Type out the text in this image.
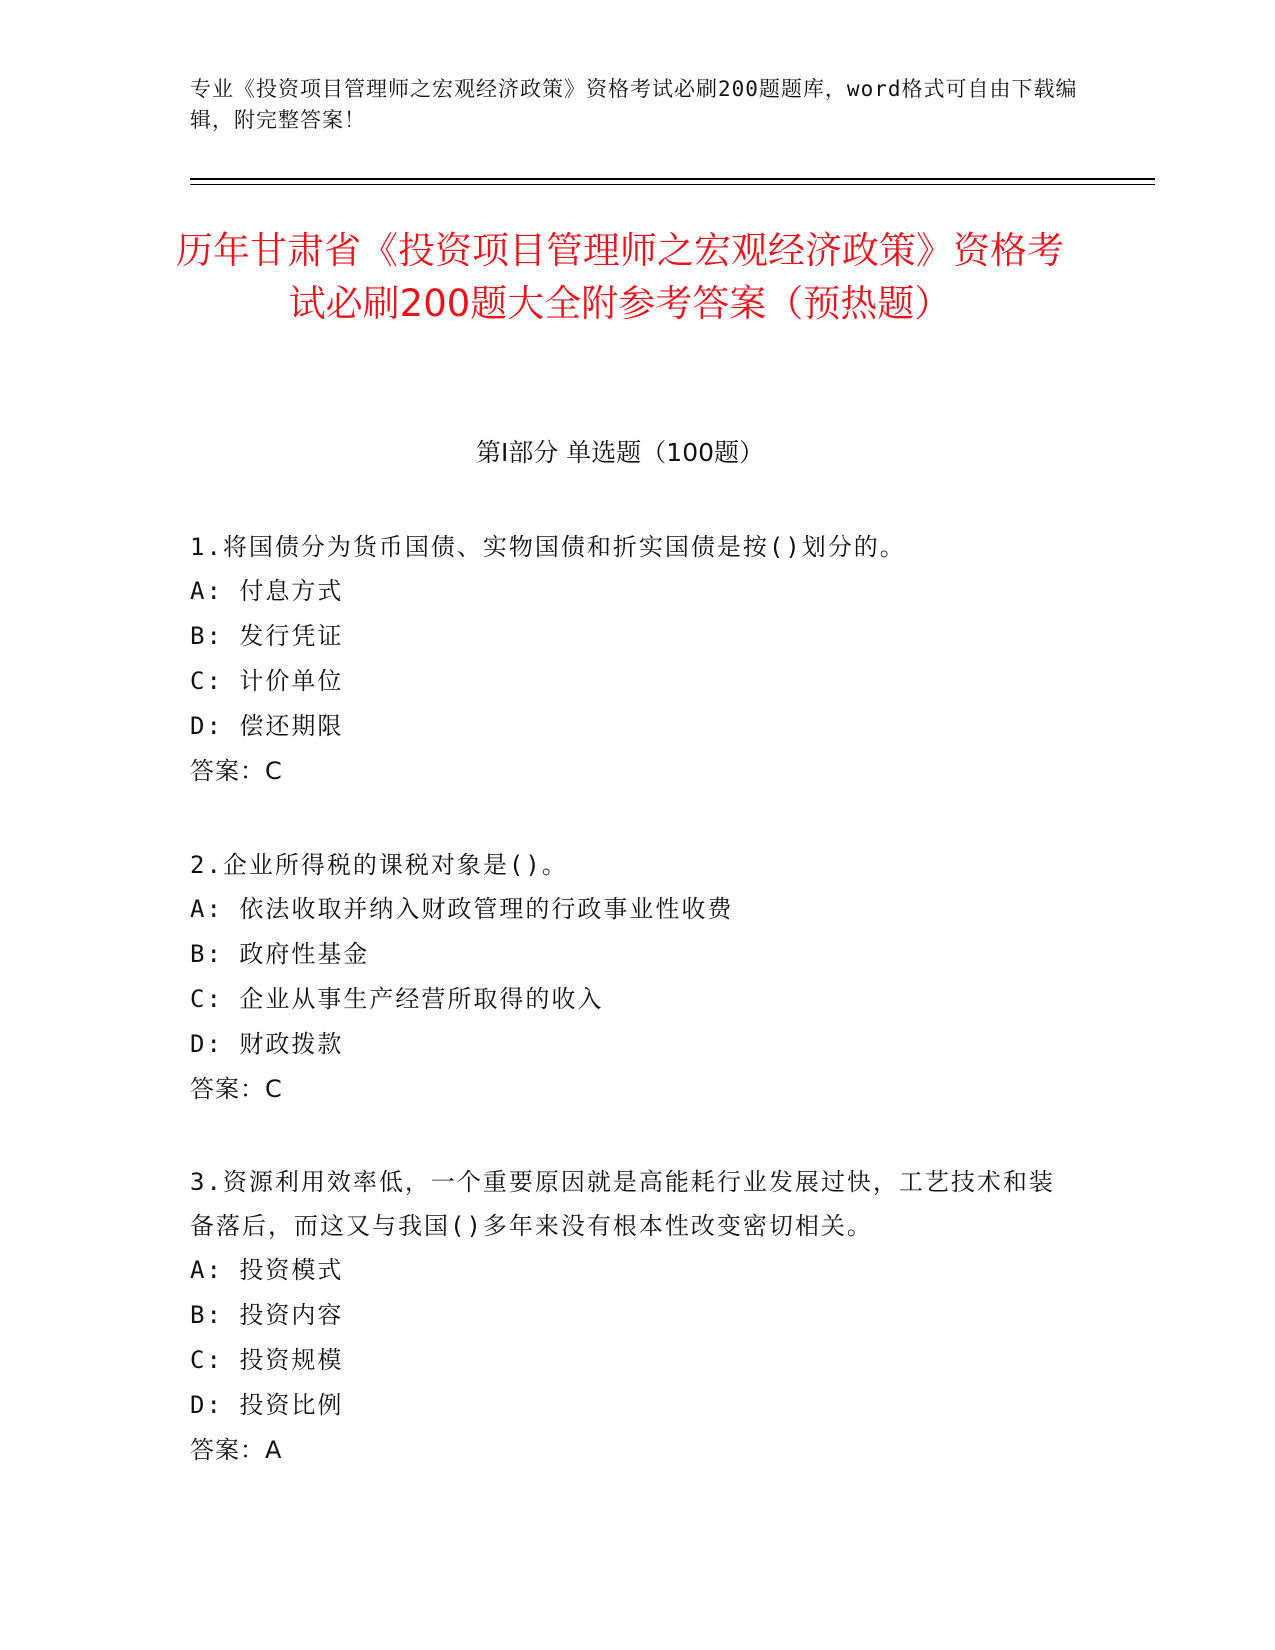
专业《投资项目管理师之宏观经济政策》资格考试必刷200题题库，word格式可自由下载编辑，附完整答案！
历年甘肃省《投资项目管理师之宏观经济政策》资格考试必刷200题大全附参考答案（预热题）
第I部分 单选题（100题）

1.将国债分为货币国债、实物国债和折实国债是按()划分的。

A: 付息方式

B: 发行凭证

C: 计价单位

D: 偿还期限

答案：C

2.企业所得税的课税对象是()。

A: 依法收取并纳入财政管理的行政事业性收费

B: 政府性基金

C: 企业从事生产经营所取得的收入

D: 财政拨款

答案：C

3.资源利用效率低，一个重要原因就是高能耗行业发展过快，工艺技术和装备落后，而这又与我国()多年来没有根本性改变密切相关。

A: 投资模式

B: 投资内容

C: 投资规模

D: 投资比例

答案：A
